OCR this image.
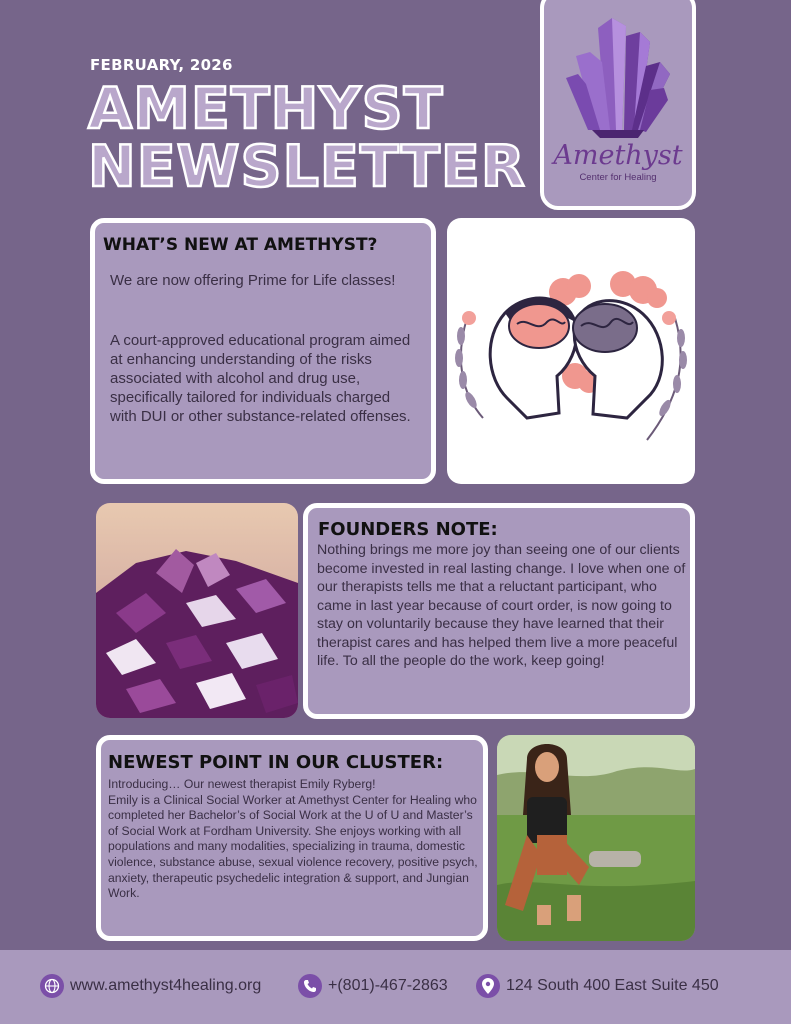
FEBRUARY, 2026
AMETHYST
NEWSLETTER	Amethyst
Center for Healing
WHAT’S NEW AT AMETHYST?
We are now offering Prime for Life classes!
A court-approved educational program aimed at enhancing understanding of the risks associated with alcohol and drug use, specifically tailored for individuals charged with DUI or other substance-related offenses.
FOUNDERS NOTE:
Nothing brings me more joy than seeing one of our clients become invested in real lasting change. I love when one of our therapists tells me that a reluctant participant, who came in last year because of court order, is now going to stay on voluntarily because they have learned that their therapist cares and has helped them live a more peaceful life. To all the people do the work, keep going!
NEWEST POINT IN OUR CLUSTER:
Introducing… Our newest therapist Emily Ryberg!
Emily is a Clinical Social Worker at Amethyst Center for Healing who completed her Bachelor’s of Social Work at the U of U and Master’s of Social Work at Fordham University. She enjoys working with all populations and many modalities, specializing in trauma, domestic violence, substance abuse, sexual violence recovery, positive psych, anxiety, therapeutic psychedelic integration & support, and Jungian Work.
www.amethyst4healing.org	+(801)-467-2863	124 South 400 East Suite 450
